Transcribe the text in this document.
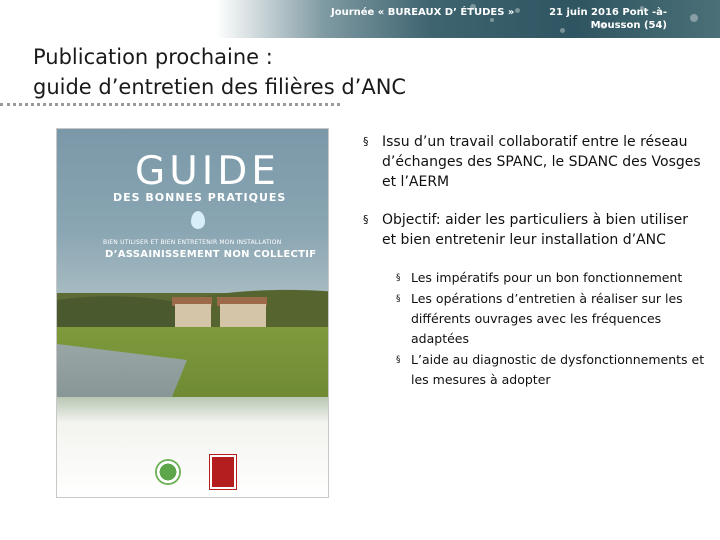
Journée « BUREAUX D’ ÉTUDES »	21 juin 2016 Pont -à-Mousson (54)
Publication prochaine :
guide d’entretien des filières d’ANC
GUIDE
DES BONNES PRATIQUES
BIEN UTILISER ET BIEN ENTRETENIR MON INSTALLATION
D’ASSAINISSEMENT NON COLLECTIF
§ Issu d’un travail collaboratif entre le réseau d’échanges des SPANC, le SDANC des Vosges et l’AERM
§ Objectif: aider les particuliers à bien utiliser et bien entretenir leur installation d’ANC
§ Les impératifs pour un bon fonctionnement
§ Les opérations d’entretien à réaliser sur les différents ouvrages avec les fréquences adaptées
§ L’aide au diagnostic de dysfonctionnements et les mesures à adopter
